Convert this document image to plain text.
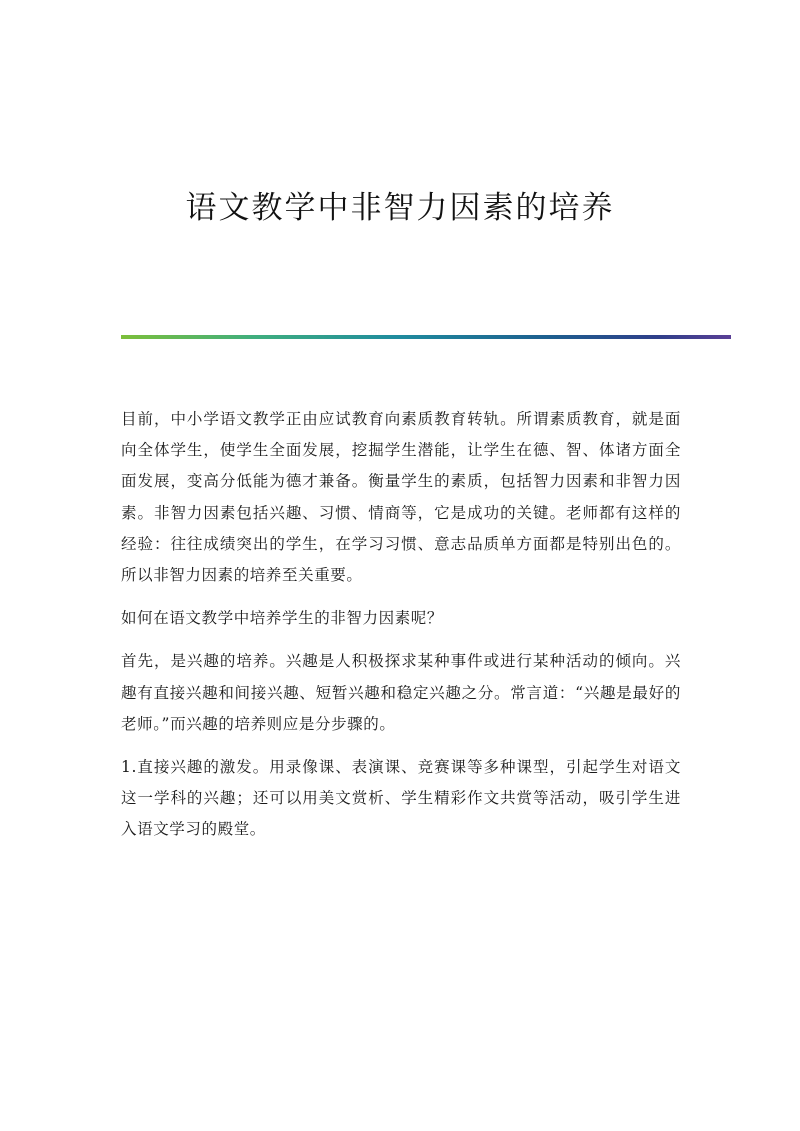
语文教学中非智力因素的培养

目前，中小学语文教学正由应试教育向素质教育转轨。所谓素质教育，就是面向全体学生，使学生全面发展，挖掘学生潜能，让学生在德、智、体诸方面全面发展，变高分低能为德才兼备。衡量学生的素质，包括智力因素和非智力因素。非智力因素包括兴趣、习惯、情商等，它是成功的关键。老师都有这样的经验：往往成绩突出的学生，在学习习惯、意志品质单方面都是特别出色的。所以非智力因素的培养至关重要。

如何在语文教学中培养学生的非智力因素呢？

首先，是兴趣的培养。兴趣是人积极探求某种事件或进行某种活动的倾向。兴趣有直接兴趣和间接兴趣、短暂兴趣和稳定兴趣之分。常言道：“兴趣是最好的老师。”而兴趣的培养则应是分步骤的。

1.直接兴趣的激发。用录像课、表演课、竞赛课等多种课型，引起学生对语文这一学科的兴趣；还可以用美文赏析、学生精彩作文共赏等活动，吸引学生进入语文学习的殿堂。
